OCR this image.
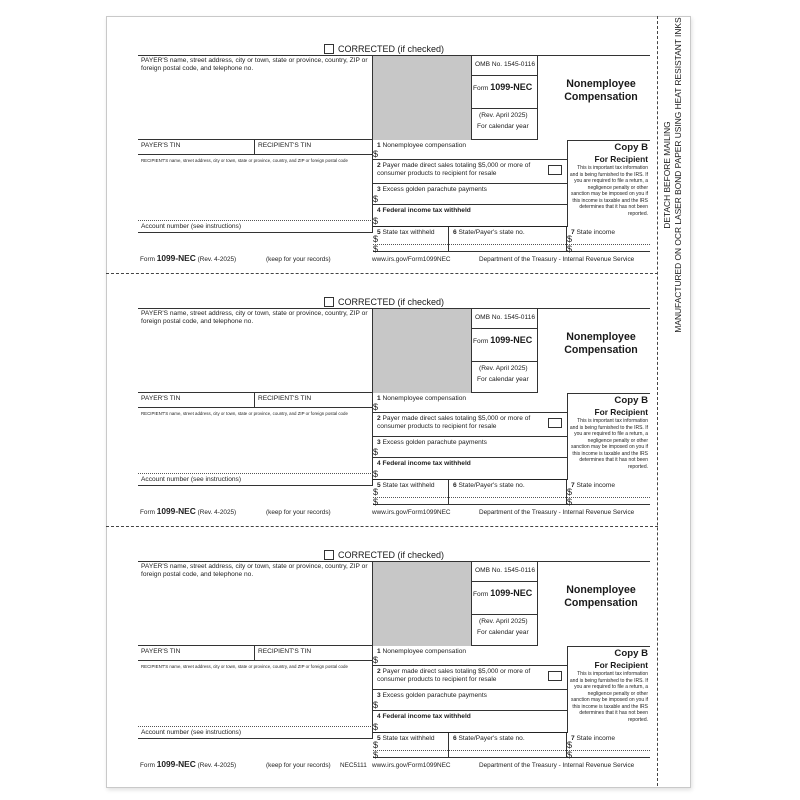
DETACH BEFORE MAILING MANUFACTURED ON OCR LASER BOND PAPER USING HEAT RESISTANT INKS
CORRECTED (if checked)
PAYER'S name, street address, city or town, state or province, country, ZIP or foreign postal code, and telephone no.
OMB No. 1545-0116
Form 1099-NEC
(Rev. April 2025)
For calendar year
Nonemployee Compensation
PAYER'S TIN	RECIPIENT'S TIN
RECIPIENT'S name, street address, city or town, state or province, country, and ZIP or foreign postal code
Account number (see instructions)
1 Nonemployee compensation
$
2 Payer made direct sales totaling $5,000 or more of consumer products to recipient for resale
3 Excess golden parachute payments
$
4 Federal income tax withheld
$
5 State tax withheld	6 State/Payer's state no.	7 State income
$
$
$
$
Copy B
For Recipient
This is important tax information and is being furnished to the IRS. If you are required to file a return, a negligence penalty or other sanction may be imposed on you if this income is taxable and the IRS determines that it has not been reported.
Form 1099-NEC (Rev. 4-2025)	(keep for your records)	www.irs.gov/Form1099NEC	Department of the Treasury - Internal Revenue Service
CORRECTED (if checked)
PAYER'S name, street address, city or town, state or province, country, ZIP or foreign postal code, and telephone no.
OMB No. 1545-0116
Form 1099-NEC
(Rev. April 2025)
For calendar year
Nonemployee Compensation
PAYER'S TIN	RECIPIENT'S TIN
RECIPIENT'S name, street address, city or town, state or province, country, and ZIP or foreign postal code
Account number (see instructions)
1 Nonemployee compensation
$
2 Payer made direct sales totaling $5,000 or more of consumer products to recipient for resale
3 Excess golden parachute payments
$
4 Federal income tax withheld
$
5 State tax withheld	6 State/Payer's state no.	7 State income
$
$
$
$
Copy B
For Recipient
This is important tax information and is being furnished to the IRS. If you are required to file a return, a negligence penalty or other sanction may be imposed on you if this income is taxable and the IRS determines that it has not been reported.
Form 1099-NEC (Rev. 4-2025)	(keep for your records)	www.irs.gov/Form1099NEC	Department of the Treasury - Internal Revenue Service
CORRECTED (if checked)
PAYER'S name, street address, city or town, state or province, country, ZIP or foreign postal code, and telephone no.
OMB No. 1545-0116
Form 1099-NEC
(Rev. April 2025)
For calendar year
Nonemployee Compensation
PAYER'S TIN	RECIPIENT'S TIN
RECIPIENT'S name, street address, city or town, state or province, country, and ZIP or foreign postal code
Account number (see instructions)
1 Nonemployee compensation
$
2 Payer made direct sales totaling $5,000 or more of consumer products to recipient for resale
3 Excess golden parachute payments
$
4 Federal income tax withheld
$
5 State tax withheld	6 State/Payer's state no.	7 State income
$
$
$
$
Copy B
For Recipient
This is important tax information and is being furnished to the IRS. If you are required to file a return, a negligence penalty or other sanction may be imposed on you if this income is taxable and the IRS determines that it has not been reported.
Form 1099-NEC (Rev. 4-2025)	(keep for your records) NEC5111 www.irs.gov/Form1099NEC	Department of the Treasury - Internal Revenue Service
